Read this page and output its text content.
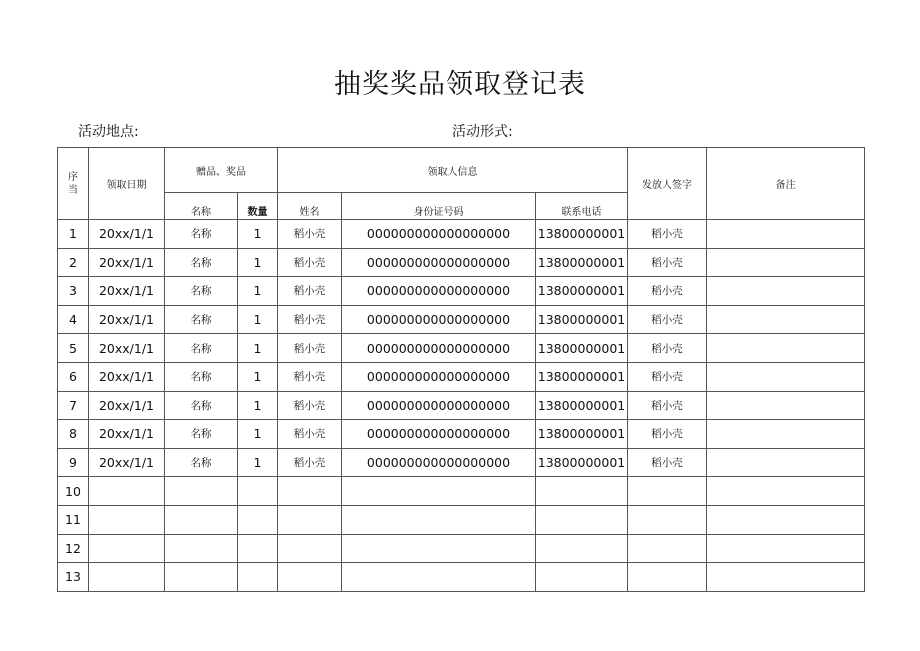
抽奖奖品领取登记表
活动地点:	活动形式:
序
当	领取日期	赠品、奖品		领取人信息			发放人签字	备注
		名称	数量	姓名	身份证号码	联系电话		
1	20xx/1/1	名称	1	稻小壳	000000000000000000	13800000001	稻小壳	
2	20xx/1/1	名称	1	稻小壳	000000000000000000	13800000001	稻小壳	
3	20xx/1/1	名称	1	稻小壳	000000000000000000	13800000001	稻小壳	
4	20xx/1/1	名称	1	稻小壳	000000000000000000	13800000001	稻小壳	
5	20xx/1/1	名称	1	稻小壳	000000000000000000	13800000001	稻小壳	
6	20xx/1/1	名称	1	稻小壳	000000000000000000	13800000001	稻小壳	
7	20xx/1/1	名称	1	稻小壳	000000000000000000	13800000001	稻小壳	
8	20xx/1/1	名称	1	稻小壳	000000000000000000	13800000001	稻小壳	
9	20xx/1/1	名称	1	稻小壳	000000000000000000	13800000001	稻小壳	
10								
11								
12								
13								
